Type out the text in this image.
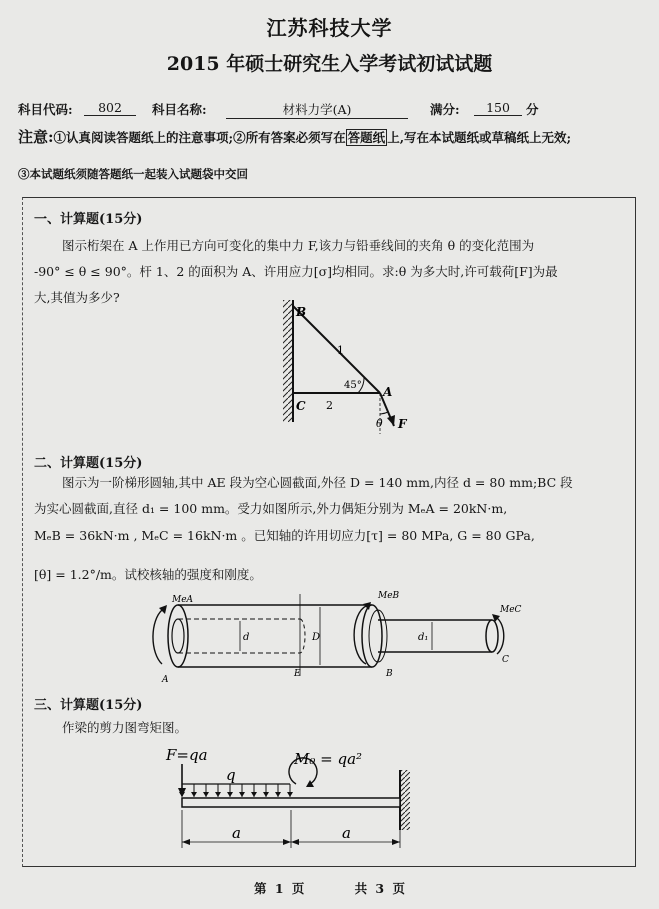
江苏科技大学
2015 年硕士研究生入学考试初试试题
科目代码:	802	科目名称:	材料力学(A)	满分:	150	分
注意:①认真阅读答题纸上的注意事项;②所有答案必须写在 答题纸 上,写在本试题纸或草稿纸上无效;
③本试题纸须随答题纸一起装入试题袋中交回
一、计算题(15分)
图示桁架在 A 上作用已方向可变化的集中力 F,该力与铅垂线间的夹角 θ 的变化范围为
-90° ≤ θ ≤ 90°。杆 1、2 的面积为 A、许用应力[σ]均相同。求:θ 为多大时,许可载荷[F]为最
大,其值为多少?
B
C
A
1
2
45°
θ F
二、计算题(15分)
图示为一阶梯形圆轴,其中 AE 段为空心圆截面,外径 D = 140 mm,内径 d = 80 mm;BC 段
为实心圆截面,直径 d₁ = 100 mm。受力如图所示,外力偶矩分别为 MₑA = 20kN·m,
MₑB = 36kN·m , MₑC = 16kN·m 。已知轴的许用切应力[τ] = 80 MPa, G = 80 GPa,
[θ] = 1.2°/m。试校核轴的强度和刚度。
MeA	MeB
MeC
d	D	d₁
A
E	B
C
三、计算题(15分)
作梁的剪力图弯矩图。
F=qa
q
M₀ = qa²
a	a
第 1 页	共 3 页
